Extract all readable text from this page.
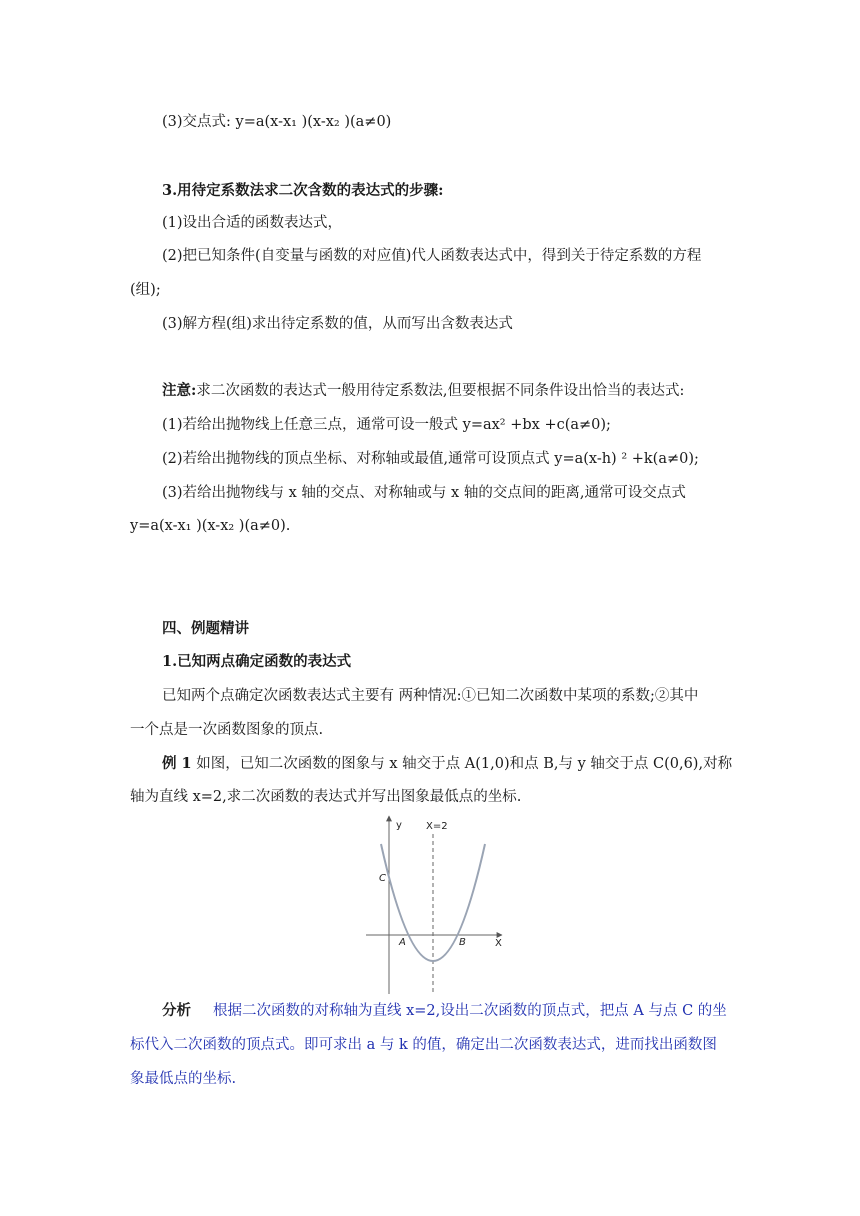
(3)交点式: y=a(x-x₁ )(x-x₂ )(a≠0)
3.用待定系数法求二次含数的表达式的步骤:
(1)设出合适的函数表达式，
(2)把已知条件(自变量与函数的对应值)代人函数表达式中，得到关于待定系数的方程
(组);
(3)解方程(组)求出待定系数的值，从而写出含数表达式
注意:求二次函数的表达式一般用待定系数法,但要根据不同条件设出恰当的表达式:
(1)若给出抛物线上任意三点，通常可设一般式 y=ax² +bx +c(a≠0);
(2)若给出抛物线的顶点坐标、对称轴或最值,通常可设顶点式 y=a(x-h) ² +k(a≠0);
(3)若给出抛物线与 x 轴的交点、对称轴或与 x 轴的交点间的距离,通常可设交点式
y=a(x-x₁ )(x-x₂ )(a≠0).
四、例题精讲
1.已知两点确定函数的表达式
已知两个点确定次函数表达式主要有 两种情况:①已知二次函数中某项的系数;②其中
一个点是一次函数图象的顶点.
例 1 如图，已知二次函数的图象与 x 轴交于点 A(1,0)和点 B,与 y 轴交于点 C(0,6),对称
轴为直线 x=2,求二次函数的表达式并写出图象最低点的坐标.
y X=2
C
A	B	X
分析 根据二次函数的对称轴为直线 x=2,设出二次函数的顶点式，把点 A 与点 C 的坐
标代入二次函数的顶点式。即可求出 a 与 k 的值，确定出二次函数表达式，进而找出函数图
象最低点的坐标.
